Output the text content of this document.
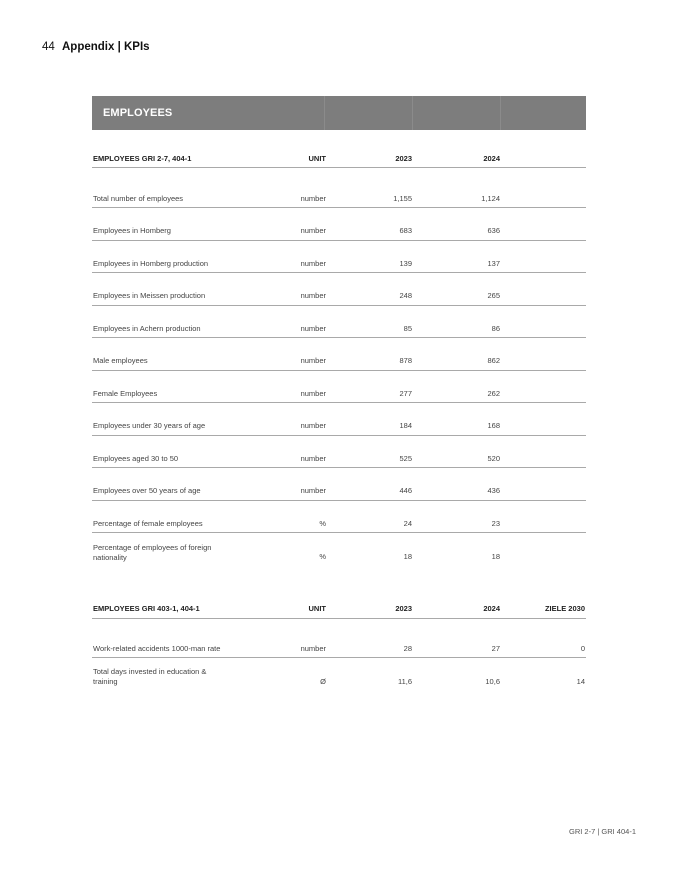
44 Appendix | KPIs
EMPLOYEES
EMPLOYEES GRI 2-7, 404-1	UNIT	2023	2024
Total number of employees	number	1,155	1,124
Employees in Homberg	number	683	636
Employees in Homberg production	number	139	137
Employees in Meissen production	number	248	265
Employees in Achern production	number	85	86
Male employees	number	878	862
Female Employees	number	277	262
Employees under 30 years of age	number	184	168
Employees aged 30 to 50	number	525	520
Employees over 50 years of age	number	446	436
Percentage of female employees	%	24	23
Percentage of employees of foreign
nationality	%	18	18
EMPLOYEES GRI 403-1, 404-1	UNIT	2023	2024	ZIELE 2030
Work-related accidents 1000-man rate	number	28	27	0
Total days invested in education &
training	Ø	11,6	10,6	14
GRI 2-7 | GRI 404-1
